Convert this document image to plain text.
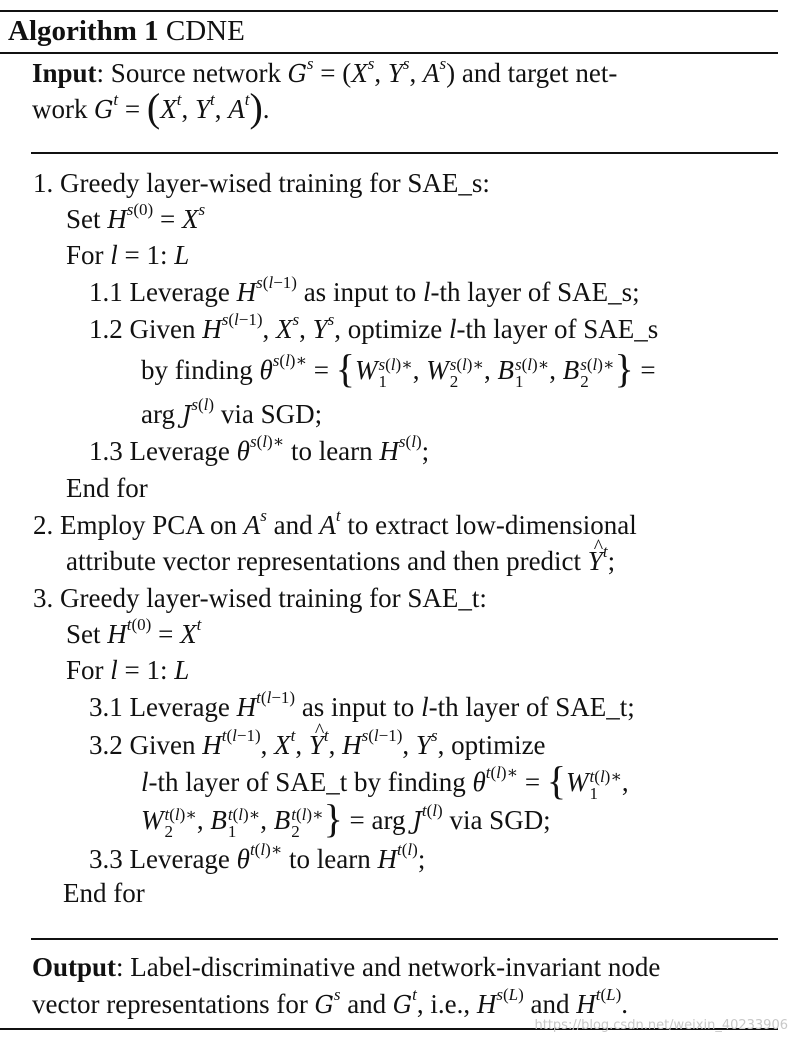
Algorithm 1 CDNE
Input: Source network $G^s = (X^s$, $Y^s$, $A^s$) and target net-
work $G^t = (X^t$, $Y^t$, $A^t$).
1. Greedy layer-wised training for SAE_s:
Set $H^{s(0)} = X^s$
For l = 1: L
1.1 Leverage $H^{s(l-1)}$ as input to l-th layer of SAE_s;
1.2 Given $H^{s(l-1)}$, $X^s$, $Y^s$, optimize l-th layer of SAE_s
by finding $\theta^{s(l)∗} = \{W$ s(l)∗
1 , W s(l)∗
2 , B s(l)∗
1 , B s(l)∗
2 } =
arg $J^{s(l)}$ via SGD;
1.3 Leverage $\theta^{s(l)∗}$ to learn $H^{s(l)}$;
End for
2. Employ PCA on $A^s$ and $A^t$ to extract low-dimensional
attribute vector representations and then predict ^ $Y^t$;
3. Greedy layer-wised training for SAE_t:
Set $H^{t(0)} = X^t$
For l = 1: L
3.1 Leverage $H^{t(l-1)}$ as input to l-th layer of SAE_t;
3.2 Given $H^{t(l-1)}$, $X^t$, ^ $Y^t$, $H^{s(l-1)}$, $Y^s$, optimize
l-th layer of SAE_t by finding $\theta^{t(l)∗} = \{W$ t(l)∗
1 ,
W t(l)∗
2 , B t(l)∗
1 , B t(l)∗
2 } = arg $J^{t(l)}$ via SGD;
3.3 Leverage $\theta^{t(l)∗}$ to learn $H^{t(l)}$;
End for
Output: Label-discriminative and network-invariant node
vector representations for $G^s$ and $G^t$, i.e., $H^{s(L)}$ and $H^{t(L)}$.
https://blog.csdn.net/weixin_40233906
